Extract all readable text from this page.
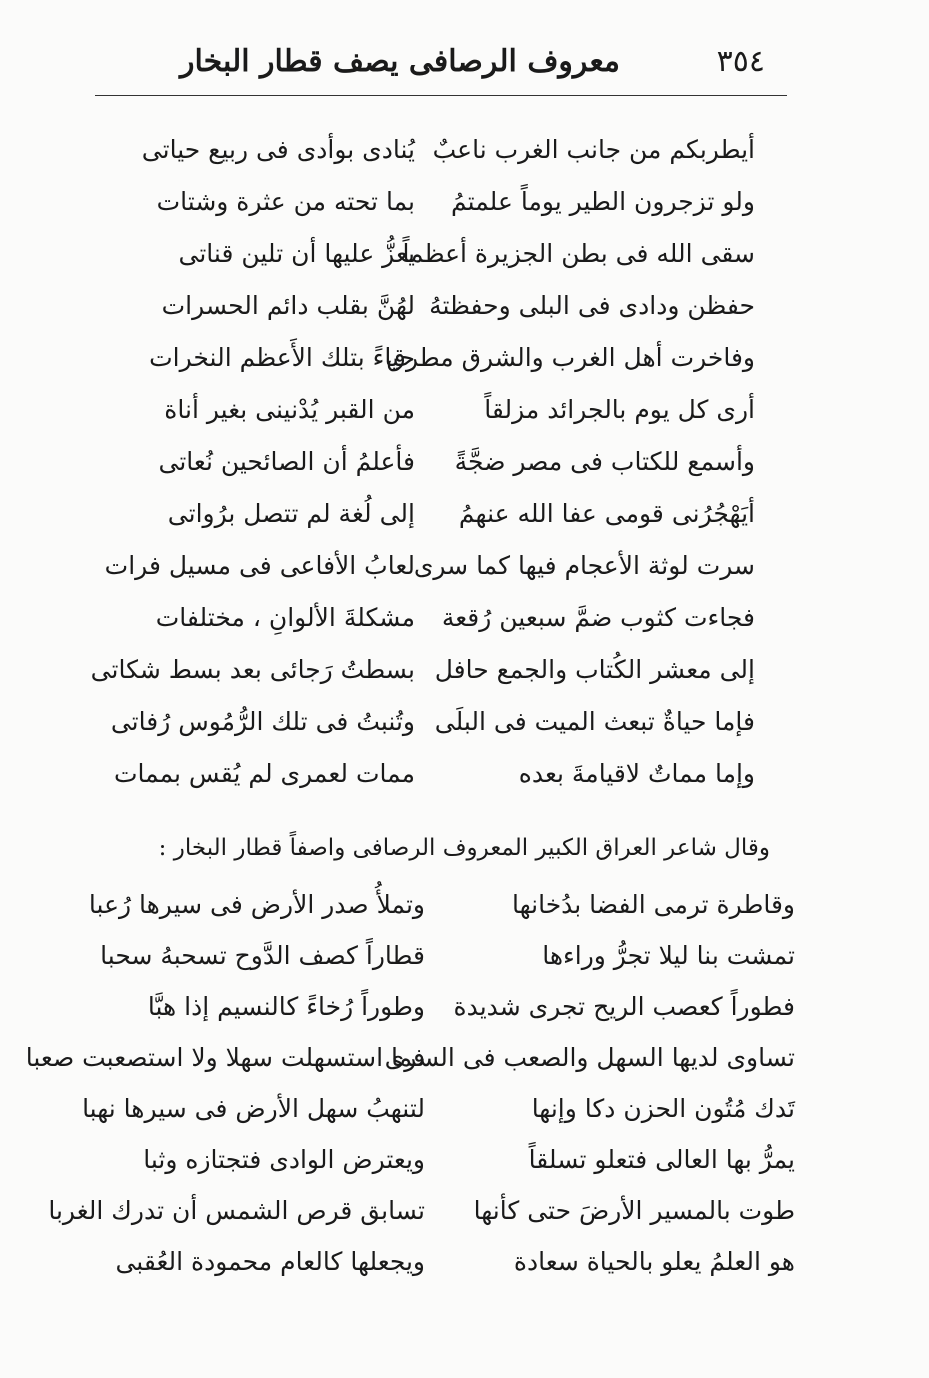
٣٥٤
معروف الرصافى يصف قطار البخار
أيطربكم من جانب الغرب ناعبٌ
يُنادى بوأدى فى ربيع حياتى
ولو تزجرون الطير يوماً علمتمُ
بما تحته من عثرة وشتات
سقى الله فى بطن الجزيرة أعظماً
يعزُّ عليها أن تلين قناتى
حفظن ودادى فى البلى وحفظتهُ
لهُنَّ بقلب دائم الحسرات
وفاخرت أهل الغرب والشرق مطرق
حياءً بتلك الأَعظم النخرات
أرى كل يوم بالجرائد مزلقاً
من القبر يُدْنينى بغير أناة
وأسمع للكتاب فى مصر ضجَّةً
فأعلمُ أن الصائحين نُعاتى
أيَهْجُرُنى قومى عفا الله عنهمُ
إلى لُغة لم تتصل برُواتى
سرت لوثة الأعجام فيها كما سرى
لعابُ الأفاعى فى مسيل فرات
فجاءت كثوب ضمَّ سبعين رُقعة
مشكلةَ الألوانِ ، مختلفات
إلى معشر الكُتاب والجمع حافل
بسطتُ رَجائى بعد بسط شكاتى
فإما حياةٌ تبعث الميت فى البلَى
وتُنبتُ فى تلك الرُّمُوس رُفاتى
وإما مماتٌ لاقيامةَ بعده
ممات لعمرى لم يُقس بممات
وقال شاعر العراق الكبير المعروف الرصافى واصفاً قطار البخار :
وقاطرة ترمى الفضا بدُخانها
وتملأُ صدر الأرض فى سيرها رُعبا
تمشت بنا ليلا تجرُّ وراءها
قطاراً كصف الدَّوح تسحبهُ سحبا
فطوراً كعصب الريح تجرى شديدة
وطوراً رُخاءً كالنسيم إذا هبَّا
تساوى لديها السهل والصعب فى السرى
فما استسهلت سهلا ولا استصعبت صعبا
تَدك مُتُون الحزن دكا وإنها
لتنهبُ سهل الأرض فى سيرها نهبا
يمرُّ بها العالى فتعلو تسلقاً
ويعترض الوادى فتجتازه وثبا
طوت بالمسير الأرضَ حتى كأنها
تسابق قرص الشمس أن تدرك الغربا
هو العلمُ يعلو بالحياة سعادة
ويجعلها كالعام محمودة العُقبى
